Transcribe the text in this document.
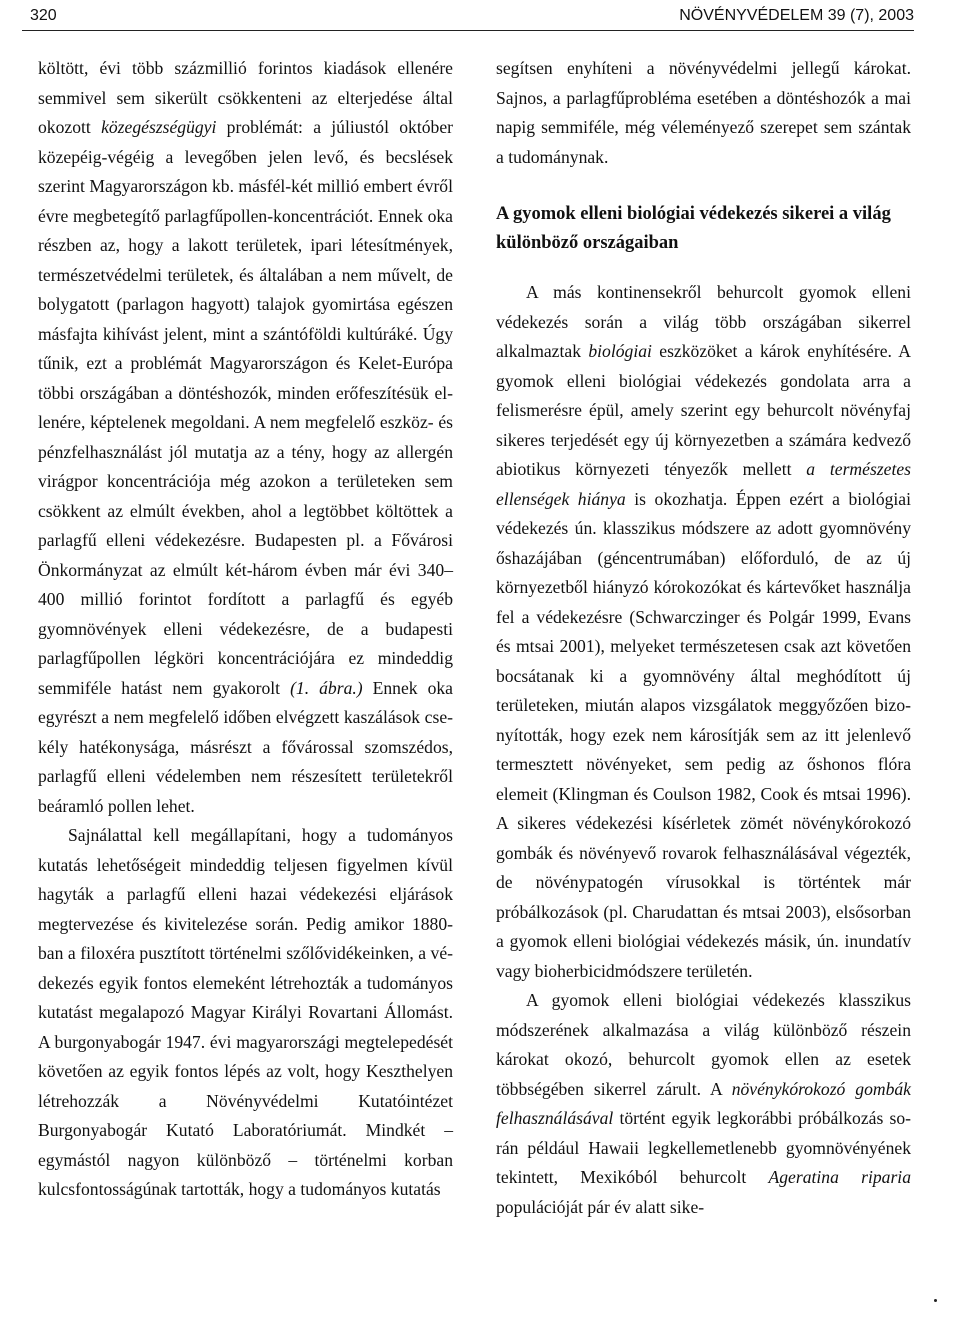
320	NÖVÉNYVÉDELEM 39 (7), 2003

költött, évi több százmillió forintos kiadások ellenére semmivel sem sikerült csökkenteni az elterjedése által okozott közegészségügyi problémát: a júliustól október közepéig-végéig a levegőben jelen levő, és becslések szerint Magyarországon kb. másfél-két millió embert évről évre megbetegítő parlagfűpollen-koncentrációt. Ennek oka részben az, hogy a lakott területek, ipari létesítmények, természetvédelmi területek, és általában a nem művelt, de bolygatott (parlagon hagyott) talajok gyomirtása egészen másfajta kihívást jelent, mint a szántóföldi kultúráké. Úgy tűnik, ezt a problémát Magyarországon és Kelet-Európa többi országában a döntéshozók, minden erőfeszítésük ellenére, képtelenek megoldani. A nem megfelelő eszköz- és pénzfelhasználást jól mutatja az a tény, hogy az allergén virágpor koncentrációja még azokon a területeken sem csökkent az elmúlt években, ahol a legtöbbet költöttek a parlagfű elleni védekezésre. Budapesten pl. a Fővárosi Önkormányzat az elmúlt két-három évben már évi 340–400 millió forintot fordított a parlagfű és egyéb gyomnövények elleni védekezésre, de a budapesti parlagfűpollen légköri koncentrációjára ez mindeddig semmiféle hatást nem gyakorolt (1. ábra.) Ennek oka egyrészt a nem megfelelő időben elvégzett kaszálások csekély hatékonysága, másrészt a fővárossal szomszédos, parlagfű elleni védelemben nem részesített területekről beáramló pollen lehet.

Sajnálattal kell megállapítani, hogy a tudományos kutatás lehetőségeit mindeddig teljesen figyelmen kívül hagyták a parlagfű elleni hazai védekezési eljárások megtervezése és kivitelezése során. Pedig amikor 1880-ban a filoxéra pusztított történelmi szőlővidékeinken, a védekezés egyik fontos elemeként létrehozták a tudományos kutatást megalapozó Magyar Királyi Rovartani Állomást. A burgonyabogár 1947. évi magyarországi megtelepedését követően az egyik fontos lépés az volt, hogy Keszthelyen létrehozzák a Növényvédelmi Kutatóintézet Burgonyabogár Kutató Laboratóriumát. Mindkét – egymástól nagyon különböző – történelmi korban kulcsfontosságúnak tartották, hogy a tudományos kutatás

segítsen enyhíteni a növényvédelmi jellegű károkat. Sajnos, a parlagfűprobléma esetében a döntéshozók a mai napig semmiféle, még véleményező szerepet sem szántak a tudománynak.

A gyomok elleni biológiai védekezés sikerei a világ különböző országaiban

A más kontinensekről behurcolt gyomok elleni védekezés során a világ több országában sikerrel alkalmaztak biológiai eszközöket a károk enyhítésére. A gyomok elleni biológiai védekezés gondolata arra a felismerésre épül, amely szerint egy behurcolt növényfaj sikeres terjedését egy új környezetben a számára kedvező abiotikus környezeti tényezők mellett a természetes ellenségek hiánya is okozhatja. Éppen ezért a biológiai védekezés ún. klasszikus módszere az adott gyomnövény őshazájában (géncentrumában) előforduló, de az új környezetből hiányzó kórokozókat és kártevőket használja fel a védekezésre (Schwarczinger és Polgár 1999, Evans és mtsai 2001), melyeket természetesen csak azt követően bocsátanak ki a gyomnövény által meghódított új területeken, miután alapos vizsgálatok meggyőzően bizonyították, hogy ezek nem károsítják sem az itt jelenlevő termesztett növényeket, sem pedig az őshonos flóra elemeit (Klingman és Coulson 1982, Cook és mtsai 1996). A sikeres védekezési kísérletek zömét növénykórokozó gombák és növényevő rovarok felhasználásával végezték, de növénypatogén vírusokkal is történtek már próbálkozások (pl. Charudattan és mtsai 2003), elsősorban a gyomok elleni biológiai védekezés másik, ún. inundatív vagy bioherbicidmódszere területén.

A gyomok elleni biológiai védekezés klasszikus módszerének alkalmazása a világ különböző részein károkat okozó, behurcolt gyomok ellen az esetek többségében sikerrel zárult. A növénykórokozó gombák felhasználásával történt egyik legkorábbi próbálkozás során például Hawaii legkellemetlenebb gyomnövényének tekintett, Mexikóból behurcolt Ageratina riparia populációját pár év alatt sike-
